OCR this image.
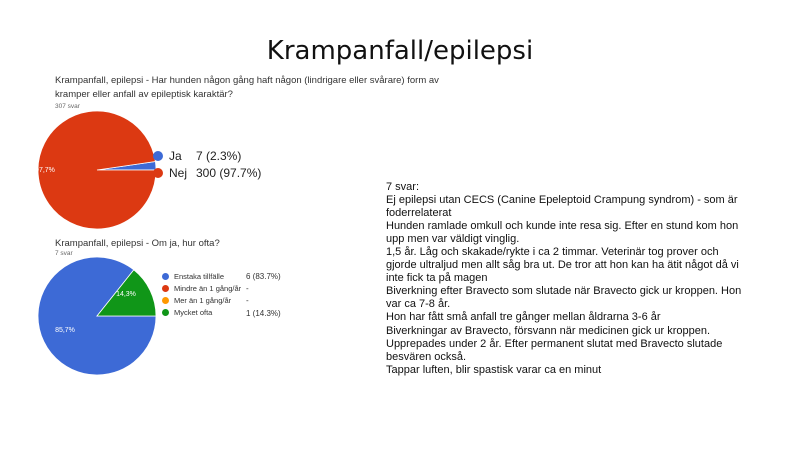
Krampanfall/epilepsi
Krampanfall, epilepsi - Har hunden någon gång haft någon (lindrigare eller svårare) form av kramper eller anfall av epileptisk karaktär?
307 svar
97,7%
Ja
Nej
7 (2.3%)
300 (97.7%)
Krampanfall, epilepsi - Om ja, hur ofta?
7 svar
85,7%
14,3%
Enstaka tillfälle
Mindre än 1 gång/år
Mer än 1 gång/år
Mycket ofta
6 (83.7%)
-
-
1 (14.3%)
7 svar:
Ej epilepsi utan CECS (Canine Epeleptoid Crampung syndrom) - som är
foderrelaterat
Hunden ramlade omkull och kunde inte resa sig. Efter en stund kom hon
upp men var väldigt vinglig.
1,5 år. Låg och skakade/rykte i ca 2 timmar. Veterinär tog prover och
gjorde ultraljud men allt såg bra ut. De tror att hon kan ha ätit något då vi
inte fick ta på magen
Biverkning efter Bravecto som slutade när Bravecto gick ur kroppen. Hon
var ca 7-8 år.
Hon har fått små anfall tre gånger mellan åldrarna 3-6 år
Biverkningar av Bravecto, försvann när medicinen gick ur kroppen.
Upprepades under 2 år. Efter permanent slutat med Bravecto slutade
besvären också.
Tappar luften, blir spastisk varar ca en minut
